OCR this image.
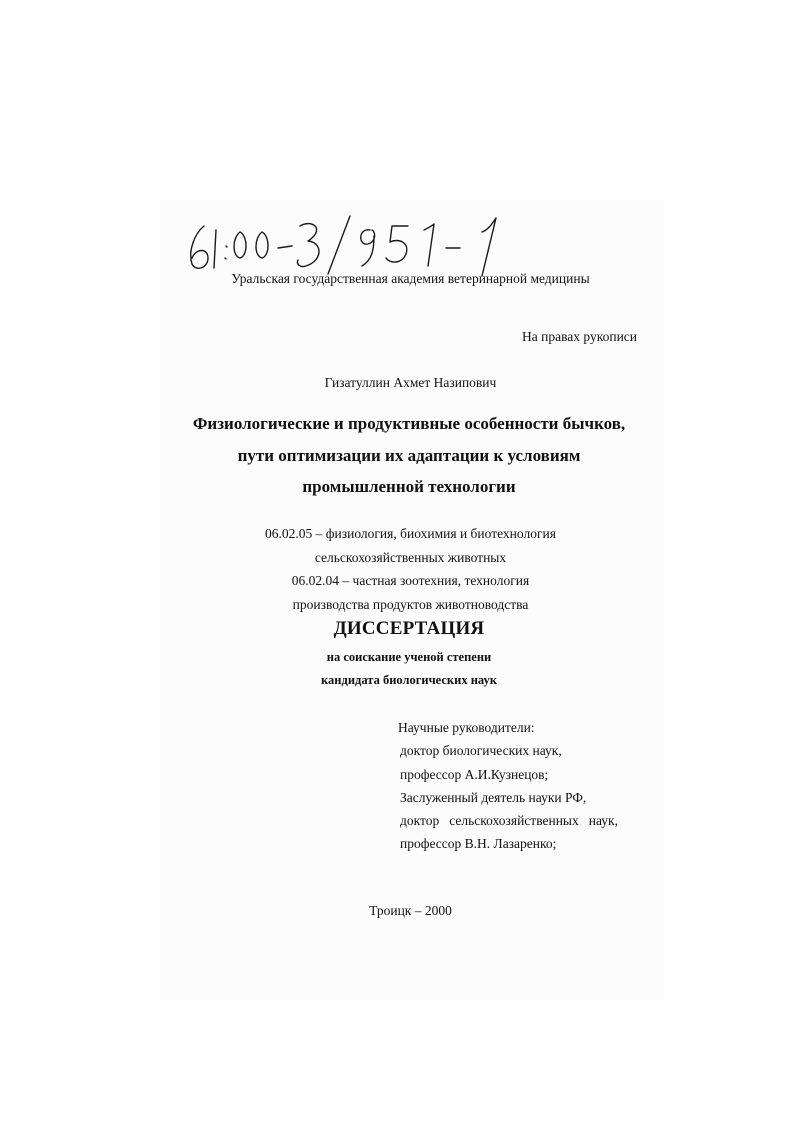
Уральская государственная академия ветеринарной медицины
На правах рукописи
Гизатуллин Ахмет Назипович
Физиологические и продуктивные особенности бычков,
пути оптимизации их адаптации к условиям
промышленной технологии
06.02.05 – физиология, биохимия и биотехнология
сельскохозяйственных животных
06.02.04 – частная зоотехния, технология
производства продуктов животноводства
ДИССЕРТАЦИЯ
на соискание ученой степени
кандидата биологических наук
Научные руководители:
доктор биологических наук,
профессор А.И.Кузнецов;
Заслуженный деятель науки РФ,
доктор сельскохозяйственных наук,
профессор В.Н. Лазаренко;
Троицк – 2000
